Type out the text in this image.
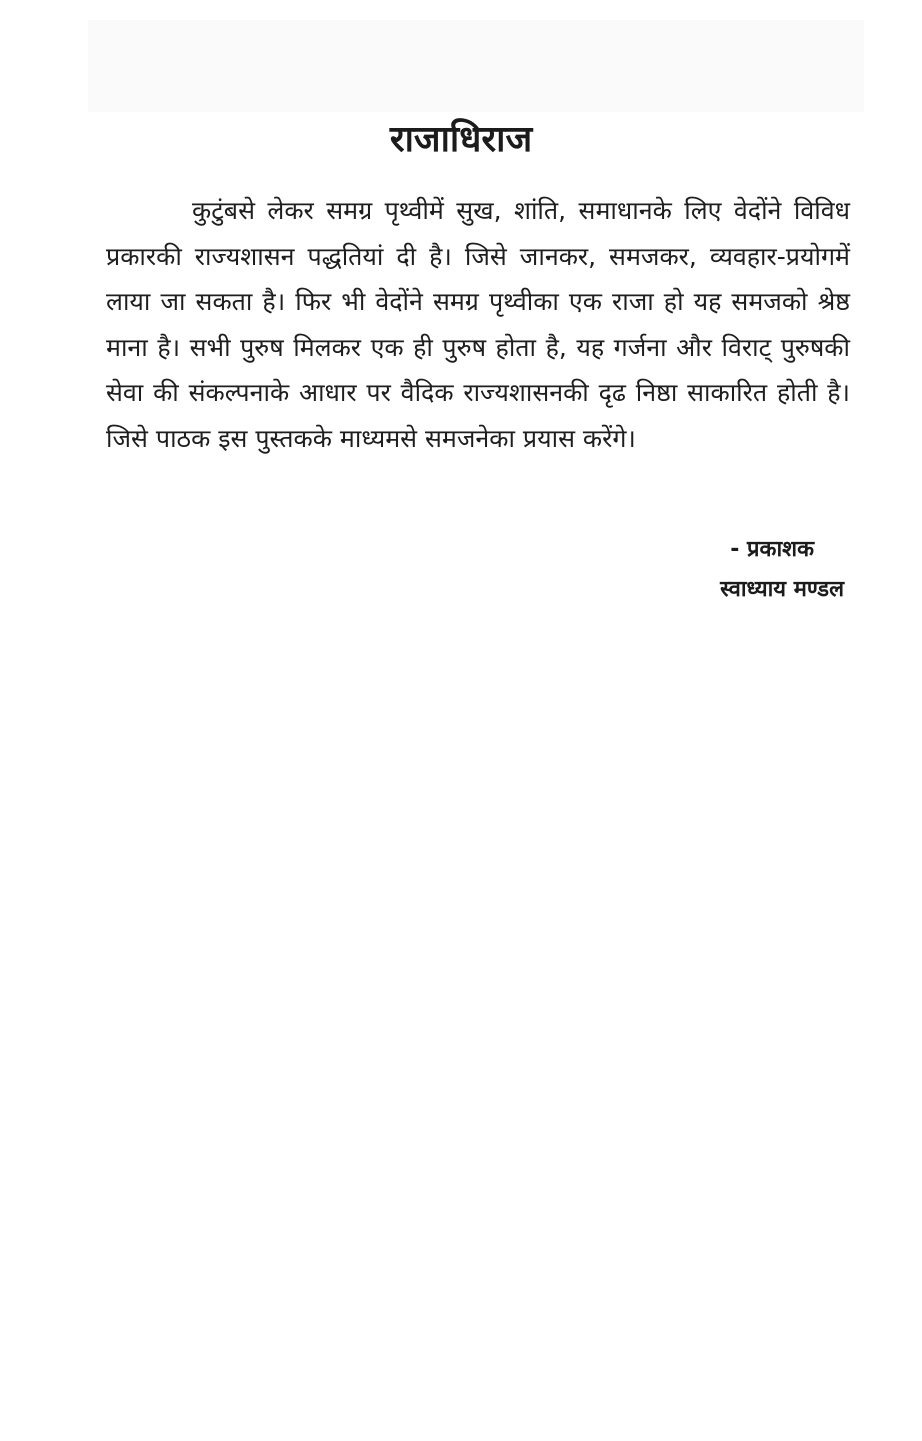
राजाधिराज

कुटुंबसे लेकर समग्र पृथ्वीमें सुख, शांति, समाधानके लिए वेदोंने विविध प्रकारकी राज्यशासन पद्धतियां दी है। जिसे जानकर, समजकर, व्यवहार-प्रयोगमें लाया जा सकता है। फिर भी वेदोंने समग्र पृथ्वीका एक राजा हो यह समजको श्रेष्ठ माना है। सभी पुरुष मिलकर एक ही पुरुष होता है, यह गर्जना और विराट् पुरुषकी सेवा की संकल्पनाके आधार पर वैदिक राज्यशासनकी दृढ निष्ठा साकारित होती है। जिसे पाठक इस पुस्तकके माध्यमसे समजनेका प्रयास करेंगे।

- प्रकाशक
स्वाध्याय मण्डल
